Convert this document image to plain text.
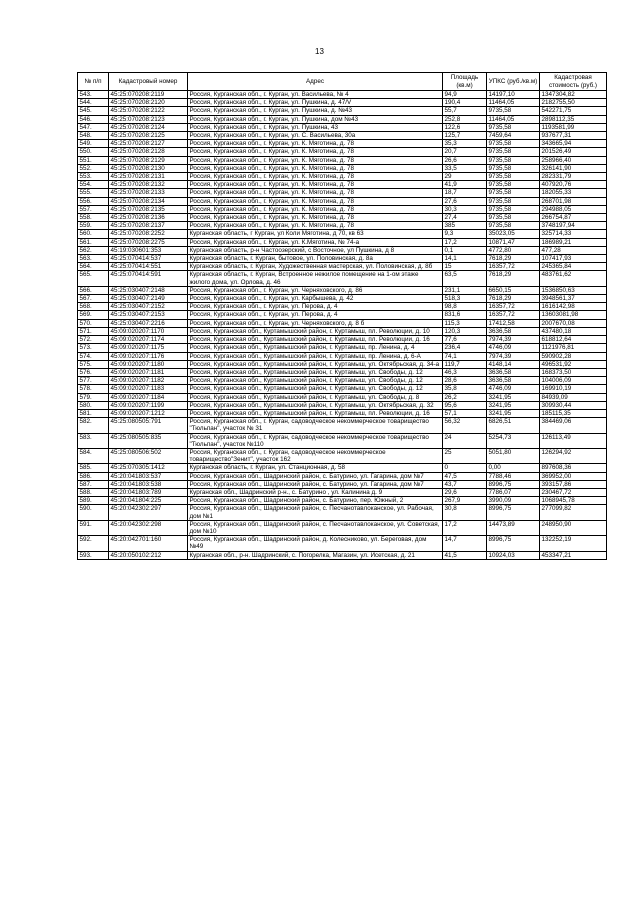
13
№ п/п	Кадастровый номер	Адрес	Площадь (кв.м)	УПКС (руб./кв.м)	Кадастровая стоимость (руб.)
543.	45:25:070208:2119	Россия, Курганская обл., г. Курган, ул. Васильева, № 4	94,9	14197,10	1347304,82
544.	45:25:070208:2120	Россия, Курганская обл., г. Курган, ул. Пушкина, д. 47/V	190,4	11464,05	2182755,50
545.	45:25:070208:2122	Россия, Курганская обл., г. Курган, ул. Пушкина, д. №43	55,7	9735,58	542271,75
546.	45:25:070208:2123	Россия, Курганская обл., г. Курган, ул. Пушкина, дом №43	252,8	11464,05	2898112,35
547.	45:25:070208:2124	Россия, Курганская обл., г. Курган, ул. Пушкина, 43	122,6	9735,58	1193581,99
548.	45:25:070208:2125	Россия, Курганская обл., г. Курган, ул. С. Васильева, 30а	125,7	7459,64	937677,31
549.	45:25:070208:2127	Россия, Курганская обл., г. Курган, ул. К. Мяготина, д. 78	35,3	9735,58	343665,94
550.	45:25:070208:2128	Россия, Курганская обл., г. Курган, ул. К. Мяготина, д. 78	20,7	9735,58	201526,49
551.	45:25:070208:2129	Россия, Курганская обл., г. Курган, ул. К. Мяготина, д. 78	26,6	9735,58	258966,40
552.	45:25:070208:2130	Россия, Курганская обл., г. Курган, ул. К. Мяготина, д. 78	33,5	9735,58	326141,90
553.	45:25:070208:2131	Россия, Курганская обл., г. Курган, ул. К. Мяготина, д. 78	29	9735,58	282331,79
554.	45:25:070208:2132	Россия, Курганская обл., г. Курган, ул. К. Мяготина, д. 78	41,9	9735,58	407920,76
555.	45:25:070208:2133	Россия, Курганская обл., г. Курган, ул. К. Мяготина, д. 78	18,7	9735,58	182055,33
556.	45:25:070208:2134	Россия, Курганская обл., г. Курган, ул. К. Мяготина, д. 78	27,6	9735,58	268701,98
557.	45:25:070208:2135	Россия, Курганская обл., г. Курган, ул. К. Мяготина, д. 78	30,3	9735,58	294988,05
558.	45:25:070208:2136	Россия, Курганская обл., г. Курган, ул. К. Мяготина, д. 78	27,4	9735,58	266754,87
559.	45:25:070208:2137	Россия, Курганская обл., г. Курган, ул. К. Мяготина, д. 78	385	9735,58	3748197,94
560.	45:25:070208:2252	Курганская область, г Курган, ул Коли Мяготина, д 70, кв 63	9,3	35023,05	325714,33
561.	45:25:070208:2275	Россия, Курганская обл., г. Курган, ул. К.Мяготина, № 74-а	17,2	10871,47	186989,21
562.	45:19:030601:353	Курганская область, р-н Частоозерский, с Восточное, ул Пушкина, д 8	0,1	4772,80	477,28
563.	45:25:070414:537	Курганская область, г. Курган, бытовое, ул. Половинская, д. 8а	14,1	7618,29	107417,93
564.	45:25:070414:551	Курганская область, г. Курган, Художественная мастерская, ул. Половинская, д. 8б	15	16357,72	245365,84
565.	45:25:070414:591	Курганская область, г. Курган, Встроенное нежилое помещение на 1-ом этаже жилого дома, ул. Орлова, д. 46	63,5	7618,29	483761,62
566.	45:25:030407:2148	Россия, Курганская обл., г. Курган, ул. Черняховского, д. 86	231,1	6650,15	1536850,63
567.	45:25:030407:2149	Россия, Курганская обл., г. Курган, ул. Карбышева, д. 42	518,3	7618,29	3948561,37
568.	45:25:030407:2152	Россия, Курганская обл., г. Курган, ул. Перова, д. 4	98,8	16357,72	1616142,98
569.	45:25:030407:2153	Россия, Курганская обл., г. Курган, ул. Перова, д. 4	831,6	16357,72	13603081,98
570.	45:25:030407:2216	Россия, Курганская обл., г. Курган, ул. Черняховского, д. 8 б	115,3	17412,58	2007670,08
571.	45:09:020207:1170	Россия, Курганская обл., Куртамышский район, г. Куртамыш, пл. Революции, д. 10	120,3	3636,58	437480,18
572.	45:09:020207:1174	Россия, Курганская обл., Куртамышский район, г. Куртамыш, пл. Революции, д. 16	77,6	7974,39	618812,64
573.	45:09:020207:1175	Россия, Курганская обл., Куртамышский район, г. Куртамыш, пр. Ленина, д. 4	236,4	4746,09	1121976,81
574.	45:09:020207:1176	Россия, Курганская обл., Куртамышский район, г. Куртамыш, пр. Ленина, д. 6-А	74,1	7974,39	590902,28
575.	45:09:020207:1180	Россия, Курганская обл., Куртамышский район, г. Куртамыш, ул. Октябрьская, д. 34-а	119,7	4148,14	496531,92
576.	45:09:020207:1181	Россия, Курганская обл., Куртамышский район, г. Куртамыш, ул. Свободы, д. 12	46,3	3636,58	168373,50
577.	45:09:020207:1182	Россия, Курганская обл., Куртамышский район, г. Куртамыш, ул. Свободы, д. 12	28,6	3636,58	104006,09
578.	45:09:020207:1183	Россия, Курганская обл., Куртамышский район, г. Куртамыш, ул. Свободы, д. 12	35,8	4746,09	169910,19
579.	45:09:020207:1184	Россия, Курганская обл., Куртамышский район, г. Куртамыш, ул. Свободы, д. 8	26,2	3241,95	84939,09
580.	45:09:020207:1199	Россия, Курганская обл., Куртамышский район, г. Куртамыш, ул. Октябрьская, д. 32	95,6	3241,95	309930,44
581.	45:09:020207:1212	Россия, Курганская обл., Куртамышский район, г. Куртамыш, пл. Революции, д. 16	57,1	3241,95	185115,35
582.	45:25:080505:791	Россия, Курганская обл., г. Курган, садоводческое некоммерческое товарищество "Тюльпан", участок № 31	56,32	6826,51	384469,06
583.	45:25:080505:835	Россия, Курганская обл., г. Курган, садоводческое некоммерческое товарищество "Тюльпан", участок №110	24	5254,73	126113,49
584.	45:25:080506:502	Россия, Курганская обл., г. Курган, садоводческое некоммерческое товарищество"Зенит", участок 162	25	5051,80	126294,92
585.	45:25:070305:1412	Курганская область, г. Курган, ул. Станционная, д. 58	0	0,00	897608,36
586.	45:20:041803:537	Россия, Курганская обл., Шадринский район, с. Батурино, ул. Гагарина, дом №7	47,5	7788,46	369952,00
587.	45:20:041803:538	Россия, Курганская обл., Шадринский район, с. Батурино, ул. Гагарина, дом №7	43,7	8996,75	393157,86
588.	45:20:041803:789	Курганская обл., Шадринский р-н., с. Батурино , ул. Калинина д. 9	29,6	7786,07	230467,72
589.	45:20:041804:225	Россия, Курганская обл., Шадринский район, с. Батурино, пер. Южный, 2	267,9	3990,09	1068945,78
590.	45:20:042302:297	Россия, Курганская обл., Шадринский район, с. Песчанотавлоканское, ул. Рабочая, дом №1	30,8	8996,75	277099,82
591.	45:20:042302:298	Россия, Курганская обл., Шадринский район, с. Песчанотавлоканское, ул. Советская, дом №10	17,2	14473,89	248950,90
592.	45:20:042701:160	Россия, Курганская обл., Шадринский район, д. Колесниково, ул. Береговая, дом №49	14,7	8996,75	132252,19
593.	45:20:050102:212	Курганская обл., р-н. Шадринский, с. Погорелка, Магазин, ул. Исетская, д. 21	41,5	10924,03	453347,21
